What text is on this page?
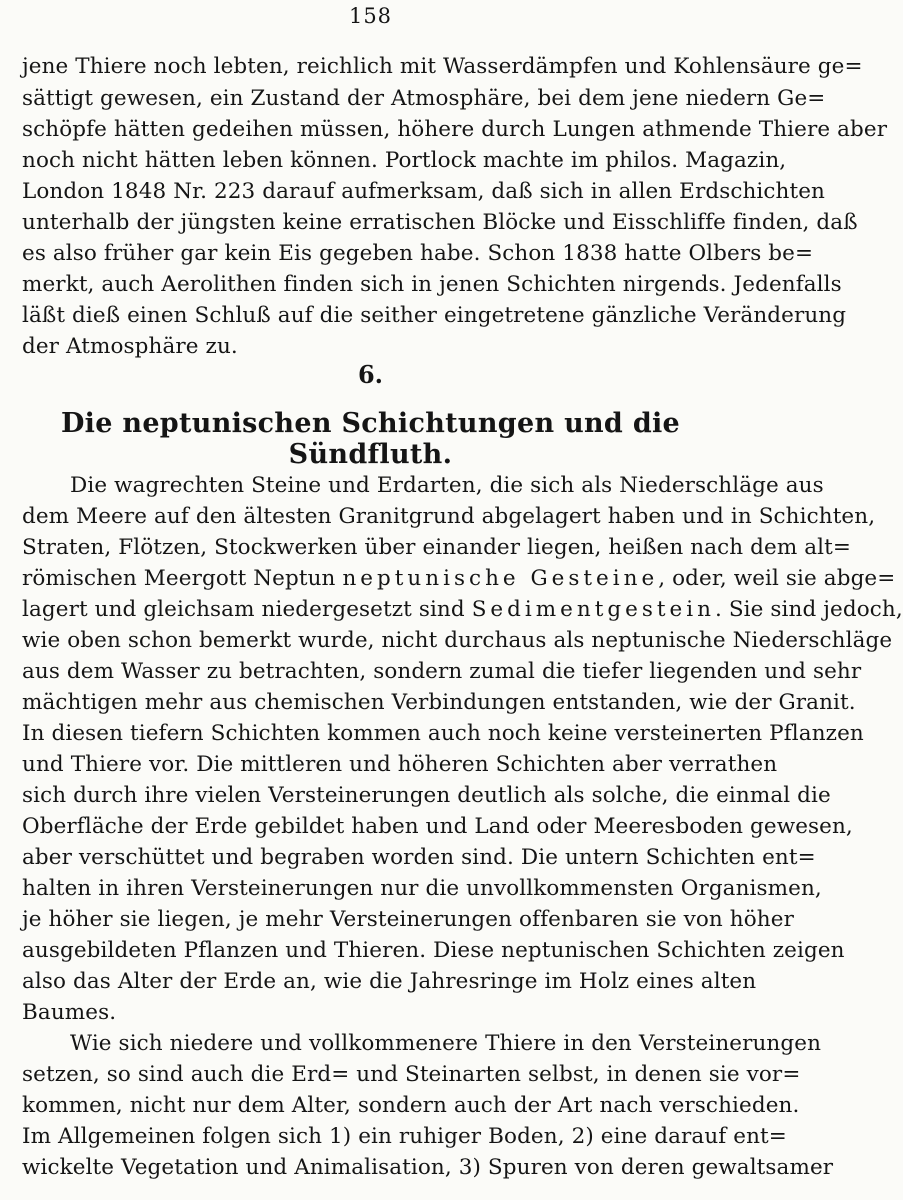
158
jene Thiere noch lebten, reichlich mit Wasserdämpfen und Kohlensäure ge=
sättigt gewesen, ein Zustand der Atmosphäre, bei dem jene niedern Ge=
schöpfe hätten gedeihen müssen, höhere durch Lungen athmende Thiere aber
noch nicht hätten leben können. Portlock machte im philos. Magazin,
London 1848 Nr. 223 darauf aufmerksam, daß sich in allen Erdschichten
unterhalb der jüngsten keine erratischen Blöcke und Eisschliffe finden, daß
es also früher gar kein Eis gegeben habe. Schon 1838 hatte Olbers be=
merkt, auch Aerolithen finden sich in jenen Schichten nirgends. Jedenfalls
läßt dieß einen Schluß auf die seither eingetretene gänzliche Veränderung
der Atmosphäre zu.
6.
Die neptunischen Schichtungen und die Sündfluth.
Die wagrechten Steine und Erdarten, die sich als Niederschläge aus
dem Meere auf den ältesten Granitgrund abgelagert haben und in Schichten,
Straten, Flötzen, Stockwerken über einander liegen, heißen nach dem alt=
römischen Meergott Neptun neptunische Gesteine, oder, weil sie abge=
lagert und gleichsam niedergesetzt sind Sedimentgestein. Sie sind jedoch,
wie oben schon bemerkt wurde, nicht durchaus als neptunische Niederschläge
aus dem Wasser zu betrachten, sondern zumal die tiefer liegenden und sehr
mächtigen mehr aus chemischen Verbindungen entstanden, wie der Granit.
In diesen tiefern Schichten kommen auch noch keine versteinerten Pflanzen
und Thiere vor. Die mittleren und höheren Schichten aber verrathen
sich durch ihre vielen Versteinerungen deutlich als solche, die einmal die
Oberfläche der Erde gebildet haben und Land oder Meeresboden gewesen,
aber verschüttet und begraben worden sind. Die untern Schichten ent=
halten in ihren Versteinerungen nur die unvollkommensten Organismen,
je höher sie liegen, je mehr Versteinerungen offenbaren sie von höher
ausgebildeten Pflanzen und Thieren. Diese neptunischen Schichten zeigen
also das Alter der Erde an, wie die Jahresringe im Holz eines alten
Baumes.
Wie sich niedere und vollkommenere Thiere in den Versteinerungen
setzen, so sind auch die Erd= und Steinarten selbst, in denen sie vor=
kommen, nicht nur dem Alter, sondern auch der Art nach verschieden.
Im Allgemeinen folgen sich 1) ein ruhiger Boden, 2) eine darauf ent=
wickelte Vegetation und Animalisation, 3) Spuren von deren gewaltsamer
